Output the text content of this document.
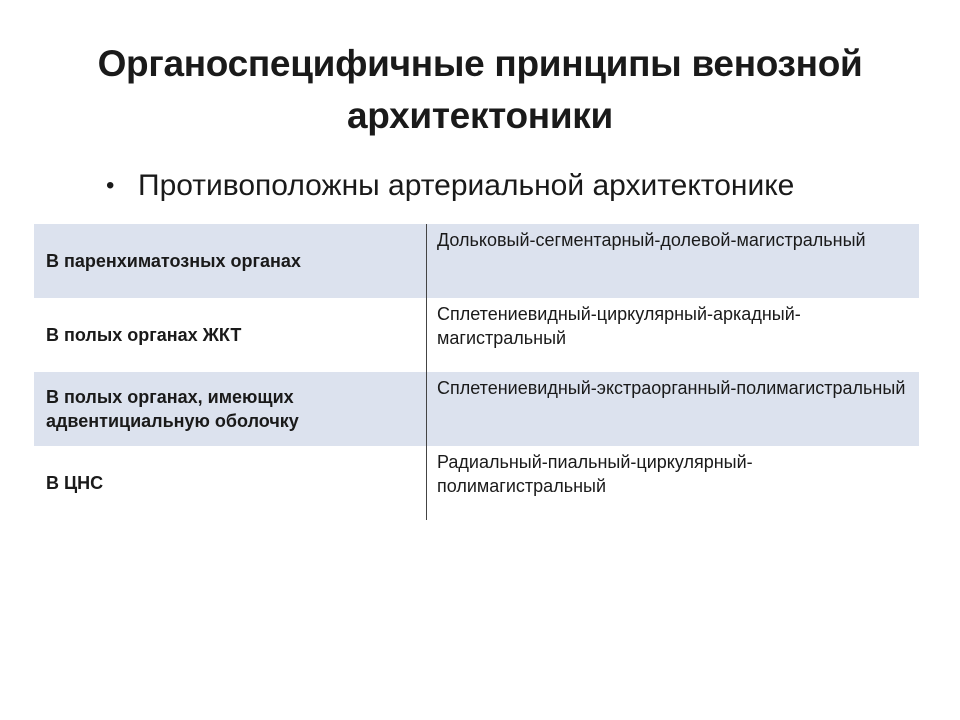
Органоспецифичные принципы венозной архитектоники
• Противоположны артериальной архитектонике
В паренхиматозных органах
Дольковый-сегментарный-долевой-магистральный
В полых органах ЖКТ
Сплетениевидный-циркулярный-аркадный-магистральный
В полых органах, имеющих адвентициальную оболочку
Сплетениевидный-экстраорганный-полимагистральный
В ЦНС
Радиальный-пиальный-циркулярный-полимагистральный
